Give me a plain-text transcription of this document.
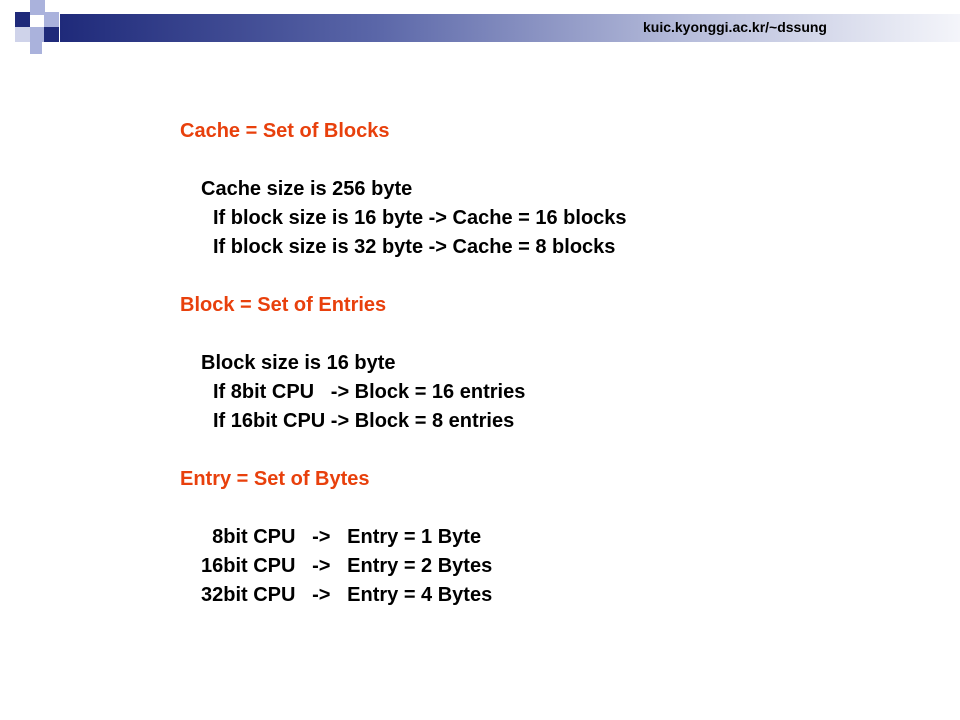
kuic.kyonggi.ac.kr/~dssung
Cache = Set of Blocks
Cache size is 256 byte
If block size is 16 byte -> Cache = 16 blocks
If block size is 32 byte -> Cache = 8 blocks
Block = Set of Entries
Block size is 16 byte
If 8bit CPU   -> Block = 16 entries
If 16bit CPU -> Block = 8 entries
Entry = Set of Bytes
8bit CPU   ->   Entry = 1 Byte
16bit CPU   ->   Entry = 2 Bytes
32bit CPU   ->   Entry = 4 Bytes
